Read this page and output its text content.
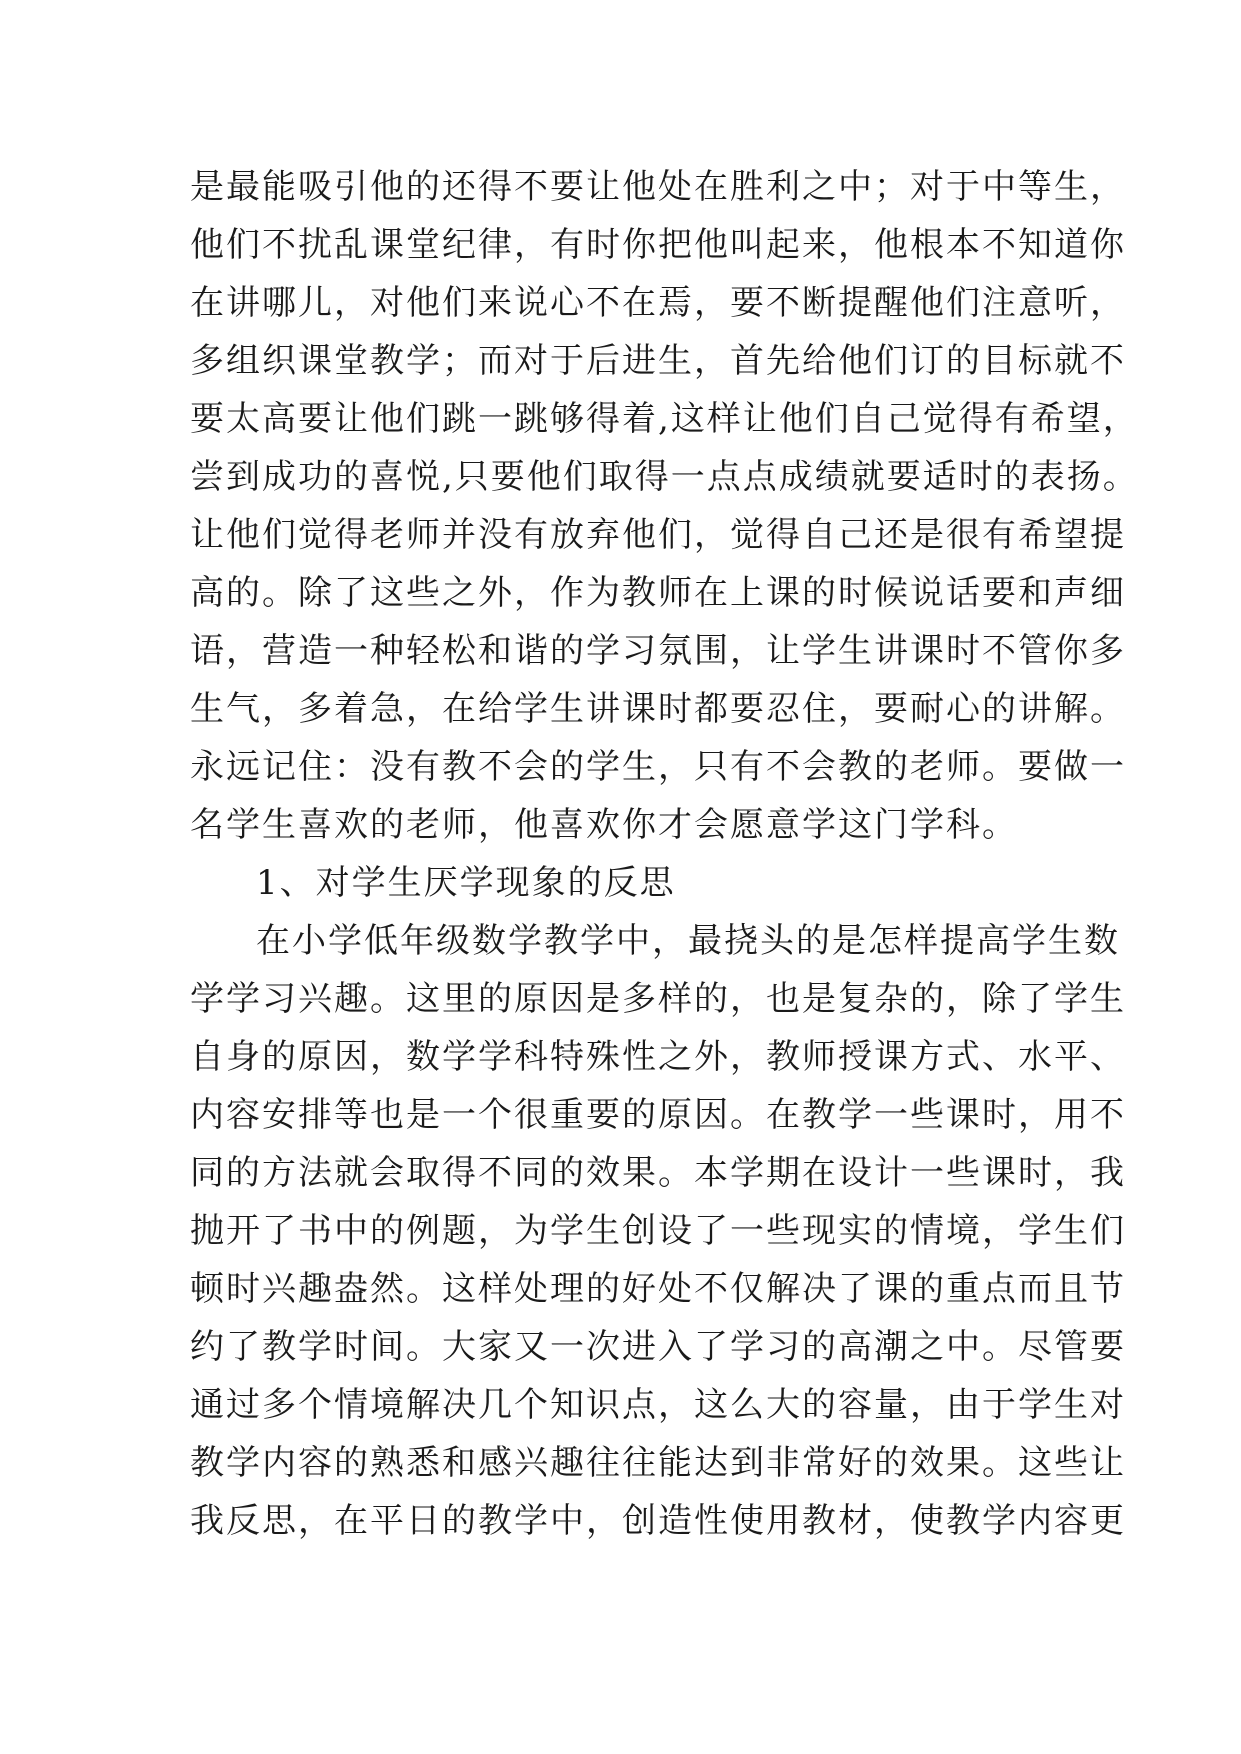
是最能吸引他的还得不要让他处在胜利之中；对于中等生，
他们不扰乱课堂纪律，有时你把他叫起来，他根本不知道你
在讲哪儿，对他们来说心不在焉，要不断提醒他们注意听，
多组织课堂教学；而对于后进生，首先给他们订的目标就不
要太高要让他们跳一跳够得着,这样让他们自己觉得有希望，
尝到成功的喜悦,只要他们取得一点点成绩就要适时的表扬。
让他们觉得老师并没有放弃他们，觉得自己还是很有希望提
高的。除了这些之外，作为教师在上课的时候说话要和声细
语，营造一种轻松和谐的学习氛围，让学生讲课时不管你多
生气，多着急，在给学生讲课时都要忍住，要耐心的讲解。
永远记住：没有教不会的学生，只有不会教的老师。要做一
名学生喜欢的老师，他喜欢你才会愿意学这门学科。
1、对学生厌学现象的反思
在小学低年级数学教学中，最挠头的是怎样提高学生数
学学习兴趣。这里的原因是多样的，也是复杂的，除了学生
自身的原因，数学学科特殊性之外，教师授课方式、水平、
内容安排等也是一个很重要的原因。在教学一些课时，用不
同的方法就会取得不同的效果。本学期在设计一些课时，我
抛开了书中的例题，为学生创设了一些现实的情境，学生们
顿时兴趣盎然。这样处理的好处不仅解决了课的重点而且节
约了教学时间。大家又一次进入了学习的高潮之中。尽管要
通过多个情境解决几个知识点，这么大的容量，由于学生对
教学内容的熟悉和感兴趣往往能达到非常好的效果。这些让
我反思，在平日的教学中，创造性使用教材，使教学内容更
